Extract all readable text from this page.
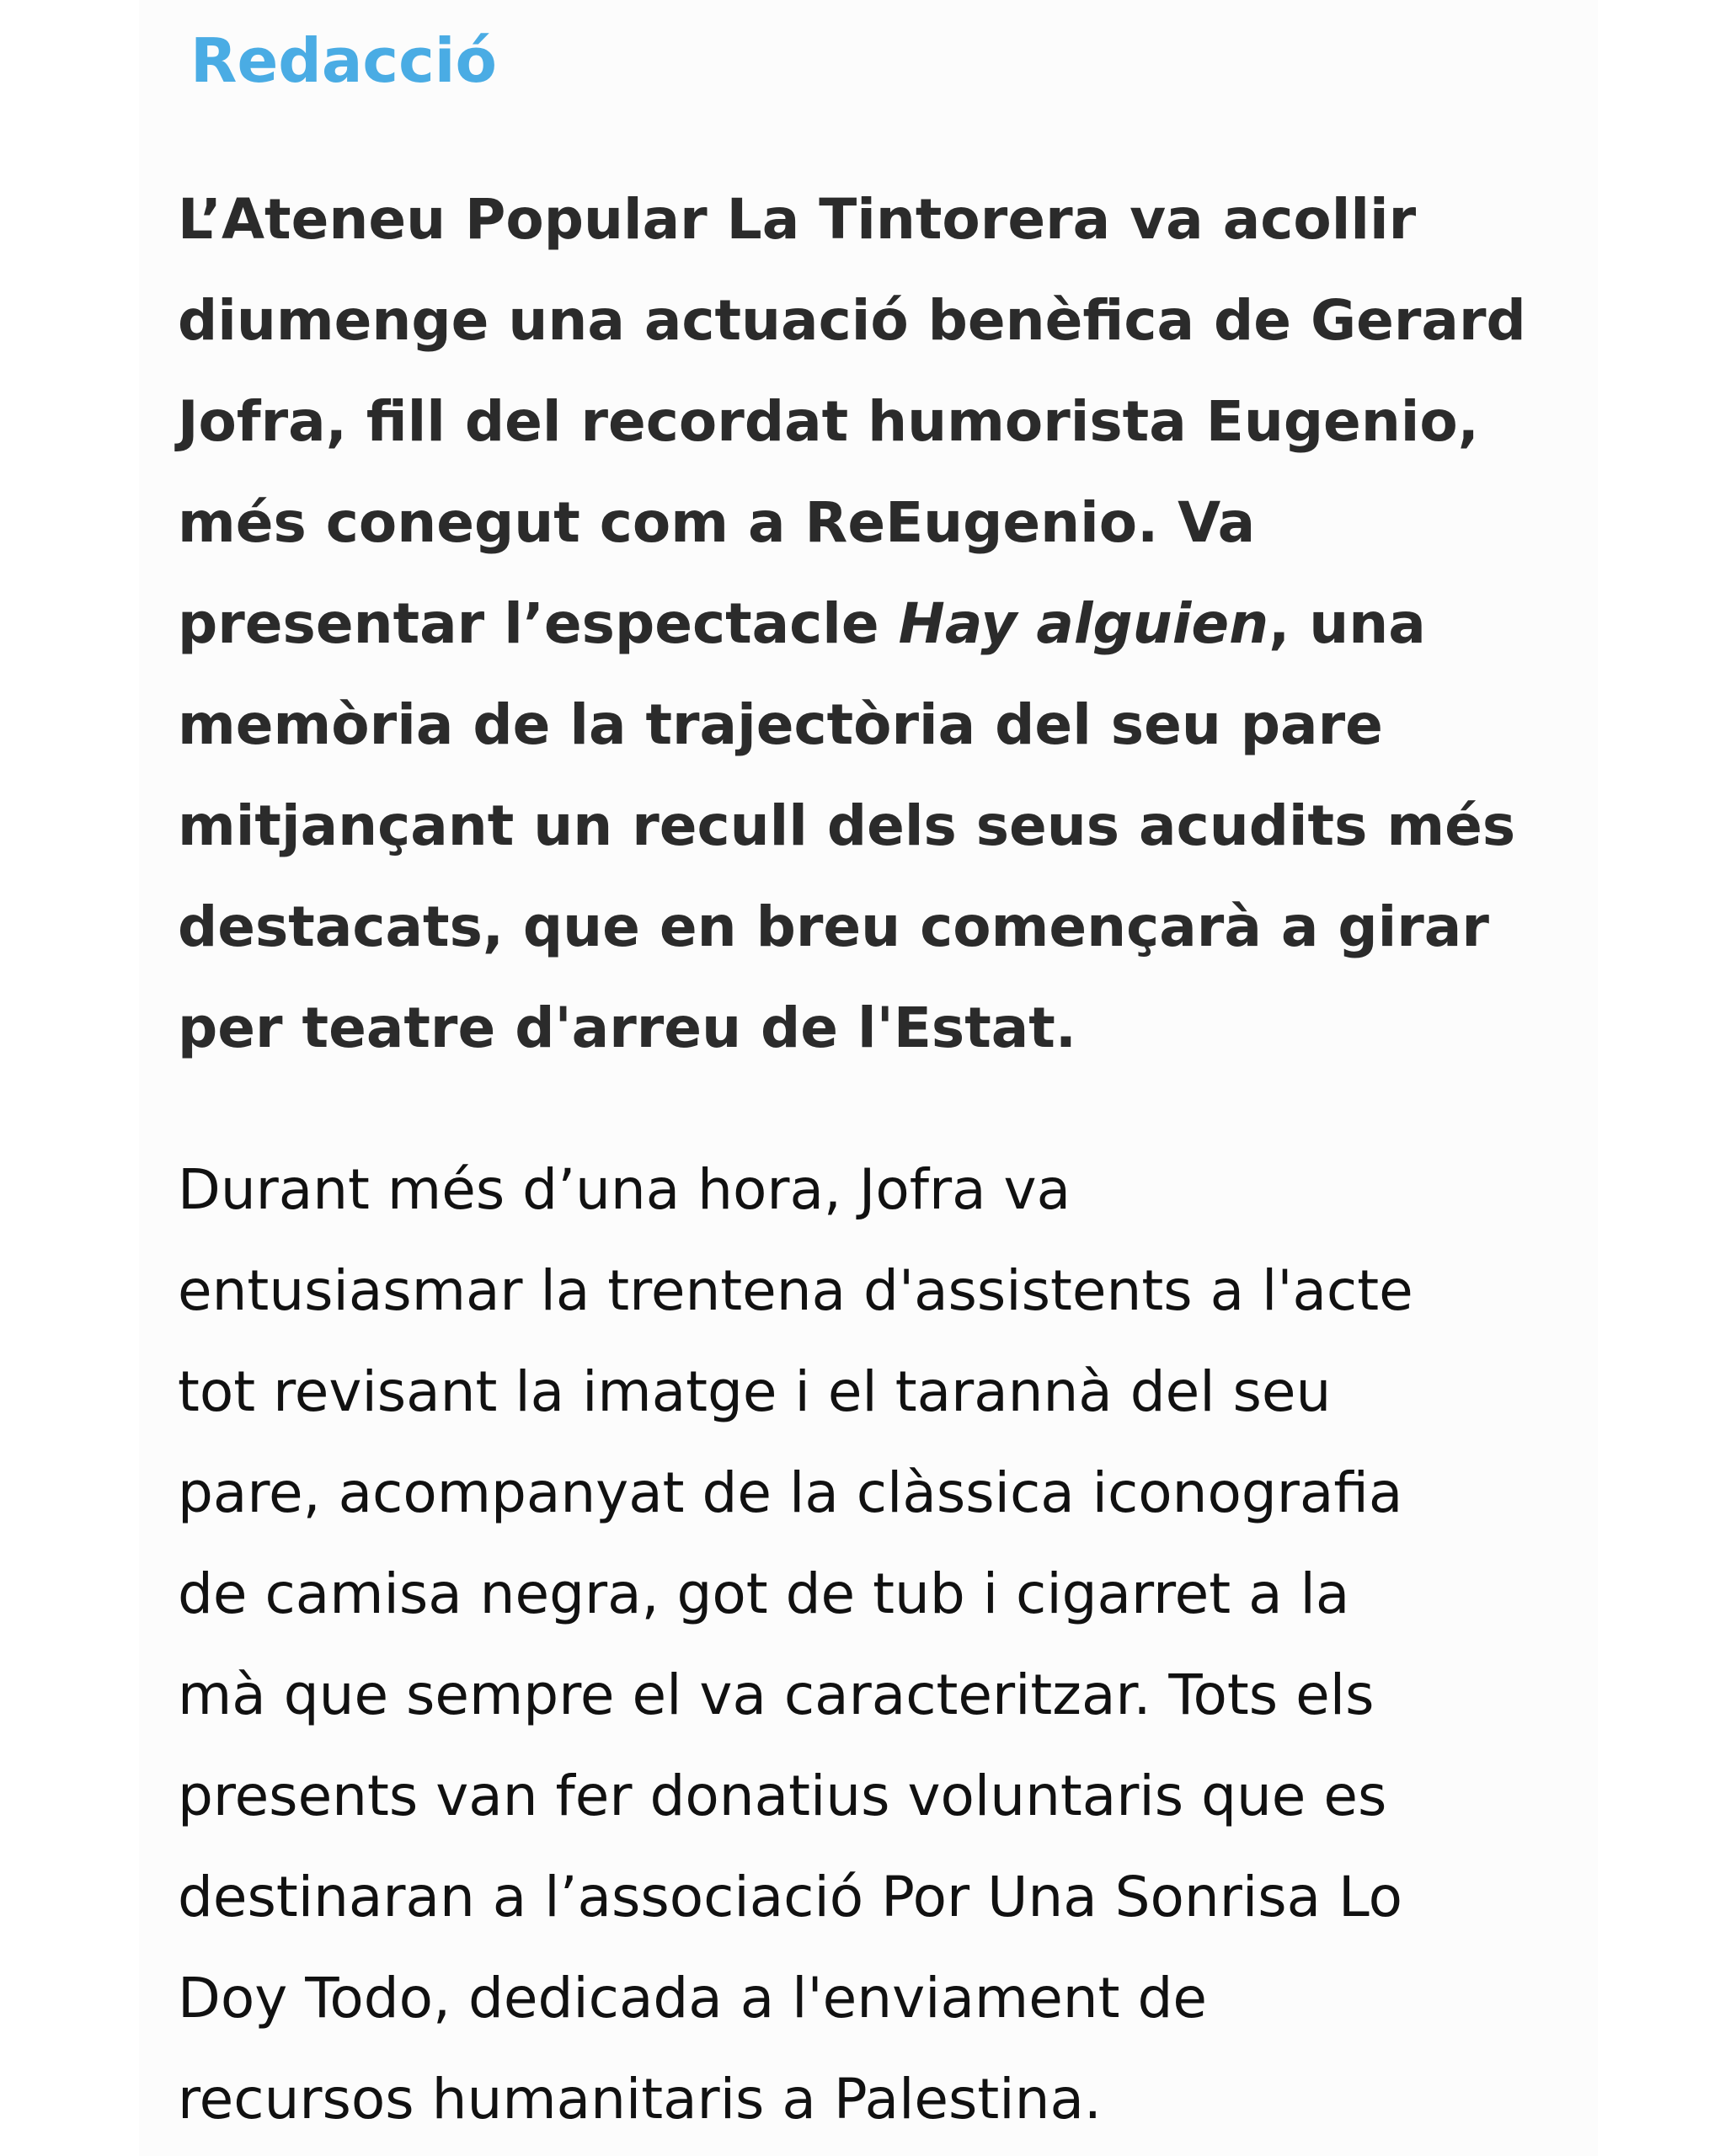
Redacció

L’Ateneu Popular La Tintorera va acollir
diumenge una actuació benèfica de Gerard
Jofra, fill del recordat humorista Eugenio,
més conegut com a ReEugenio. Va
presentar l’espectacle Hay alguien, una
memòria de la trajectòria del seu pare
mitjançant un recull dels seus acudits més
destacats, que en breu començarà a girar
per teatre d'arreu de l'Estat.

Durant més d’una hora, Jofra va
entusiasmar la trentena d'assistents a l'acte
tot revisant la imatge i el tarannà del seu
pare, acompanyat de la clàssica iconografia
de camisa negra, got de tub i cigarret a la
mà que sempre el va caracteritzar. Tots els
presents van fer donatius voluntaris que es
destinaran a l’associació Por Una Sonrisa Lo
Doy Todo, dedicada a l'enviament de
recursos humanitaris a Palestina.
